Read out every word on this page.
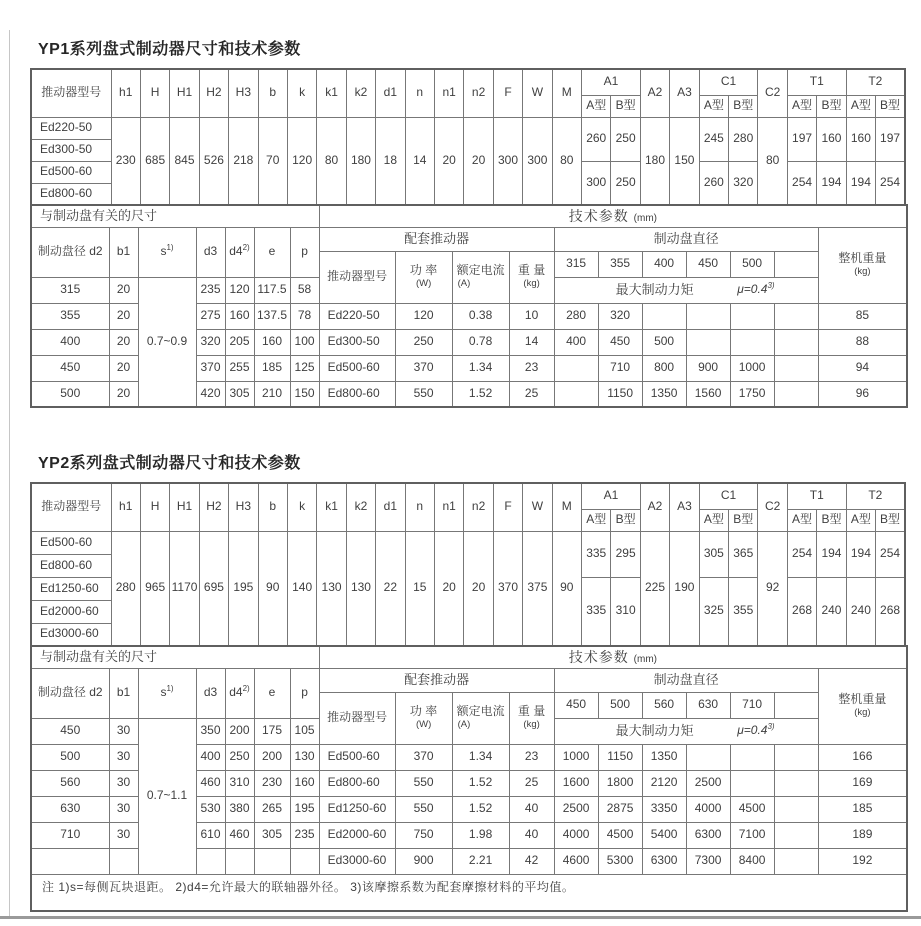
YP1系列盘式制动器尺寸和技术参数
推动器型号	h1	H	H1	H2	H3	b	k	k1	k2	d1	n	n1	n2	F	W	M	A1		A2	A3	C1		C2	T1		T2	
																	A型	B型			A型	B型		A型	B型	A型	B型
Ed220-50	230	685	845	526	218	70	120	80	180	18	14	20	20	300	300	80	260	250	180	150	245	280	80	197	160	160	197
Ed300-50																											
Ed500-60																	300	250			260	320		254	194	194	254
Ed800-60																											
与制动盘有关的尺寸							技术参数 (mm)										
制动盘径 d2	b1	$s^{1)}$	d3	d4$^{2)}$	e	p	配套推动器				制动盘直径						整机重量
(kg)

							推动器型号	功 率
(W)	额定电流
(A)	重 量
(kg)	315	355	400	450	500		
315	20	0.7~0.9	235	120	117.5	58					最大制动力矩 $\mu=0.4^{3)}$

355	20		275	160	137.5	78	Ed220-50	120	0.38	10	280	320					85
400	20		320	205	160	100	Ed300-50	250	0.78	14	400	450	500				88
450	20		370	255	185	125	Ed500-60	370	1.34	23		710	800	900	1000		94
500	20		420	305	210	150	Ed800-60	550	1.52	25		1150	1350	1560	1750		96
YP2系列盘式制动器尺寸和技术参数
推动器型号	h1	H	H1	H2	H3	b	k	k1	k2	d1	n	n1	n2	F	W	M	A1		A2	A3	C1		C2	T1		T2	
																	A型	B型			A型	B型		A型	B型	A型	B型
Ed500-60	280	965	1170	695	195	90	140	130	130	22	15	20	20	370	375	90	335	295	225	190	305	365	92	254	194	194	254
Ed800-60																											
Ed1250-60																	335	310			325	355		268	240	240	268
Ed2000-60																											
Ed3000-60																											
与制动盘有关的尺寸							技术参数 (mm)										
制动盘径 d2	b1	$s^{1)}$	d3	d4$^{2)}$	e	p	配套推动器				制动盘直径						整机重量
(kg)

							推动器型号	功 率
(W)	额定电流
(A)	重 量
(kg)	450	500	560	630	710		
450	30	0.7~1.1	350	200	175	105					最大制动力矩 $\mu=0.4^{3)}$

500	30		400	250	200	130	Ed500-60	370	1.34	23	1000	1150	1350				166
560	30		460	310	230	160	Ed800-60	550	1.52	25	1600	1800	2120	2500			169
630	30		530	380	265	195	Ed1250-60	550	1.52	40	2500	2875	3350	4000	4500		185
710	30		610	460	305	235	Ed2000-60	750	1.98	40	4000	4500	5400	6300	7100		189
							Ed3000-60	900	2.21	42	4600	5300	6300	7300	8400		192
注 1)s=每侧瓦块退距。 2)d4=允许最大的联轴器外径。 3)该摩擦系数为配套摩擦材料的平均值。																	
